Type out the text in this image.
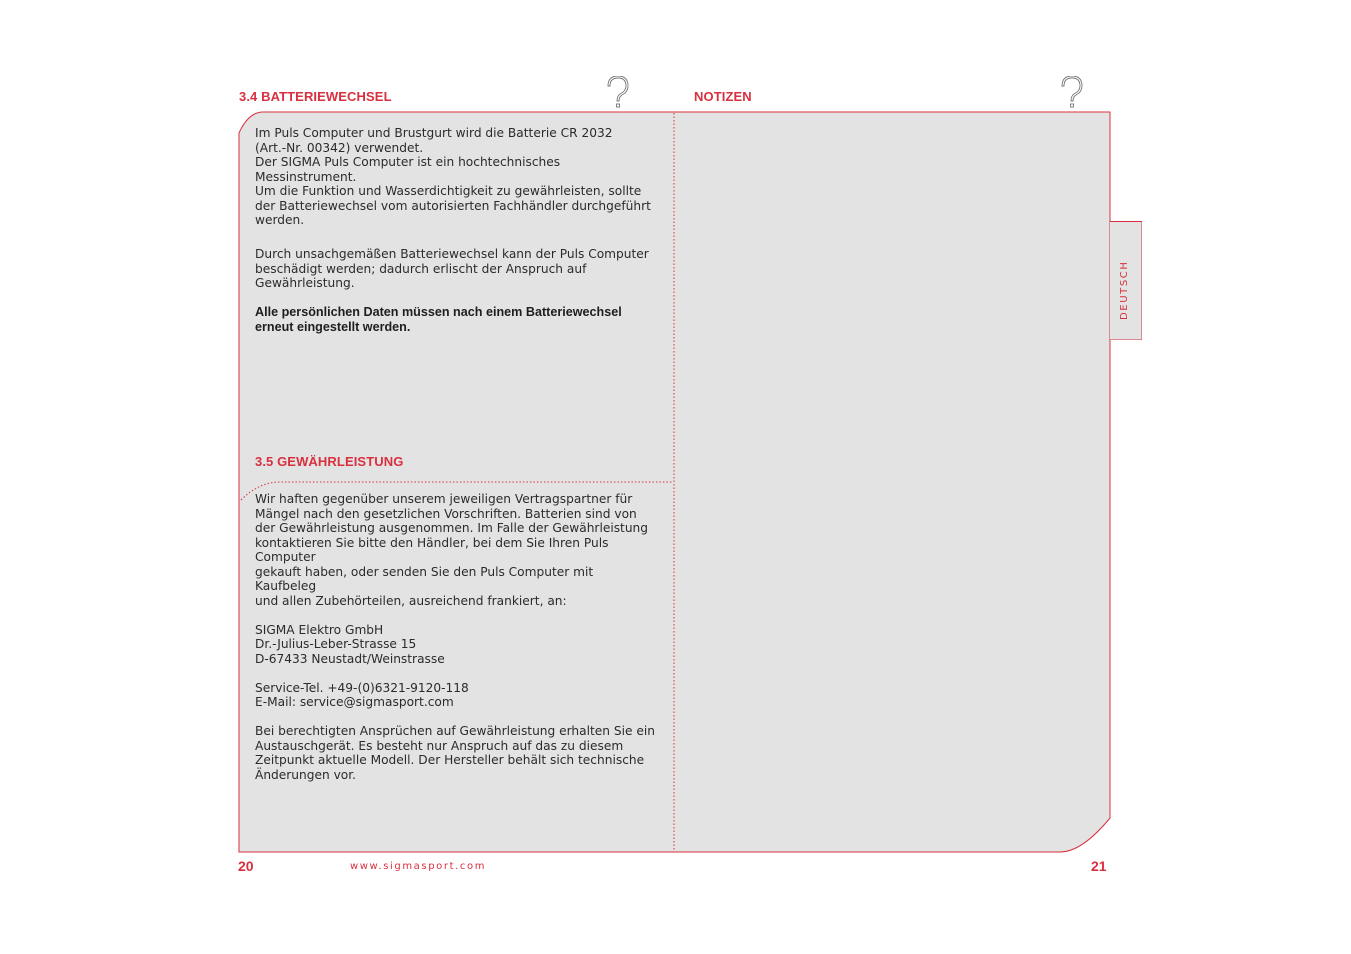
DEUTSCH
3.4 BATTERIEWECHSEL	NOTIZEN

Im Puls Computer und Brustgurt wird die Batterie CR 2032

(Art.-Nr. 00342) verwendet.

Der SIGMA Puls Computer ist ein hochtechnisches Messinstrument.

Um die Funktion und Wasserdichtigkeit zu gewährleisten, sollte

der Batteriewechsel vom autorisierten Fachhändler durchgeführt

werden.

Durch unsachgemäßen Batteriewechsel kann der Puls Computer

beschädigt werden; dadurch erlischt der Anspruch auf

Gewährleistung.

Alle persönlichen Daten müssen nach einem Batteriewechsel

erneut eingestellt werden.

3.5 GEWÄHRLEISTUNG

Wir haften gegenüber unserem jeweiligen Vertragspartner für

Mängel nach den gesetzlichen Vorschriften. Batterien sind von

der Gewährleistung ausgenommen. Im Falle der Gewährleistung

kontaktieren Sie bitte den Händler, bei dem Sie Ihren Puls Computer

gekauft haben, oder senden Sie den Puls Computer mit Kaufbeleg

und allen Zubehörteilen, ausreichend frankiert, an:

SIGMA Elektro GmbH

Dr.-Julius-Leber-Strasse 15

D-67433 Neustadt/Weinstrasse

Service-Tel. +49-(0)6321-9120-118

E-Mail: service@sigmasport.com

Bei berechtigten Ansprüchen auf Gewährleistung erhalten Sie ein

Austauschgerät. Es besteht nur Anspruch auf das zu diesem

Zeitpunkt aktuelle Modell. Der Hersteller behält sich technische

Änderungen vor.

20	www.sigmasport.com	21
